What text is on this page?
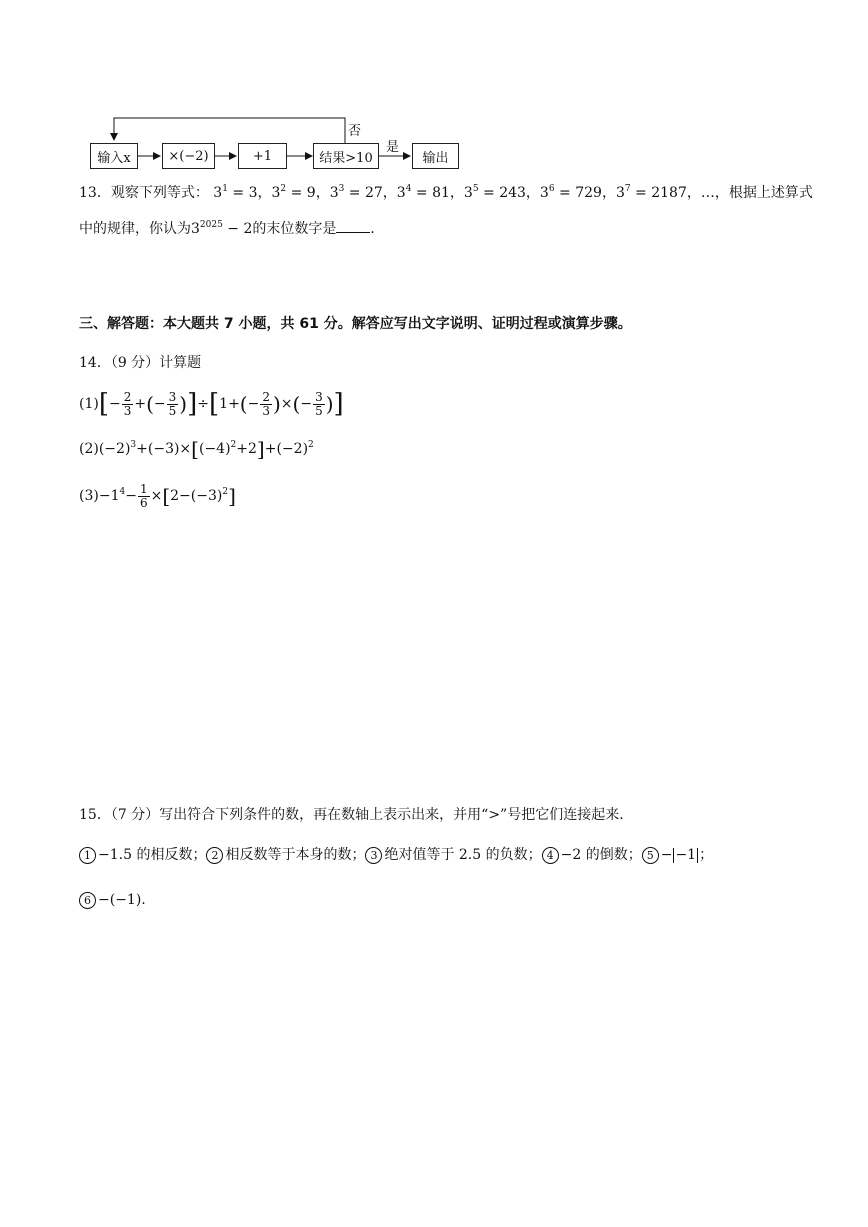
输入x	×(−2)	+1	结果>10	输出
否
是
13．观察下列等式： $3^1 = 3$，$3^2 = 9$，$3^3 = 27$，$3^4 = 81$，$3^5 = 243$，$3^6 = 729$，$3^7 = 2187$，…，根据上述算式
中的规律，你认为$3^{2025} - 2$的末位数字是 ．
三、解答题：本大题共 7 小题，共 61 分。解答应写出文字说明、证明过程或演算步骤。
14．（9 分）计算题
(1) [ − $\frac{2}{3}$ + ( − $\frac{3}{5}$ ) ] ÷ [ 1+ ( − $\frac{2}{3}$ ) × ( − $\frac{3}{5}$ ) ]
(2) $(-2)^3+(-3)\times[(-4)^2+2]+(-2)^2$
$(3) -1^4- \frac{1}{6} \times[2-(-3)^2]$
15．（7 分）写出符合下列条件的数，再在数轴上表示出来，并用“>”号把它们连接起来．
1 −1.5 的相反数； 2 相反数等于本身的数； 3 绝对值等于 2.5 的负数； 4 −2 的倒数； 5 − −1 ；
6 −(−1).
